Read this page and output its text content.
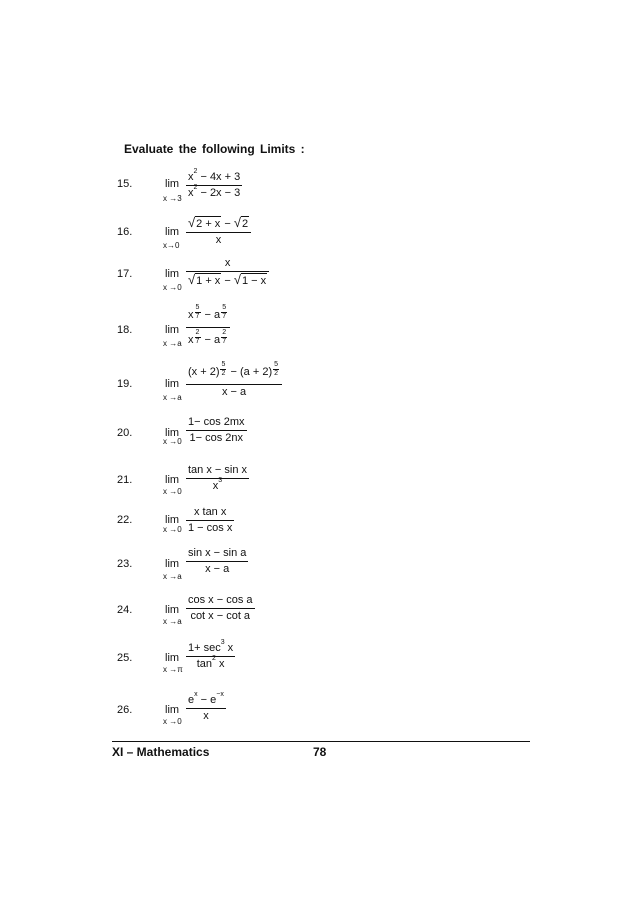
Evaluate the following Limits :
15.	lim
x →3
$x^2 - 4x + 3$
$x^2 - 2x - 3$
16.	lim
x→0
√2 + x − √2
x
17.	lim
x →0
x
√1 + x − √1 − x
18.	lim
x →a
x $\frac{5}{7} - a \frac{5}{7}$
x $\frac{2}{7} - a \frac{2}{7}$
19.	lim
x →a
$(x + 2) \frac{5}{2} - (a + 2) \frac{5}{2}$
x − a
20.	lim
x →0
1− cos 2mx
1− cos 2nx
21.	lim
x →0
tan x − sin x
$x^3$
22.	lim
x →0
x tan x
1 − cos x
23.	lim
x →a
sin x − sin a
x − a
24.	lim
x →a
cos x − cos a
cot x − cot a
25.	lim
x →π
$1+ \sec^3 x$
$\tan^2 x$
26.	lim
x →0
$e^x - e^{-x}$
x
XI – Mathematics	78
